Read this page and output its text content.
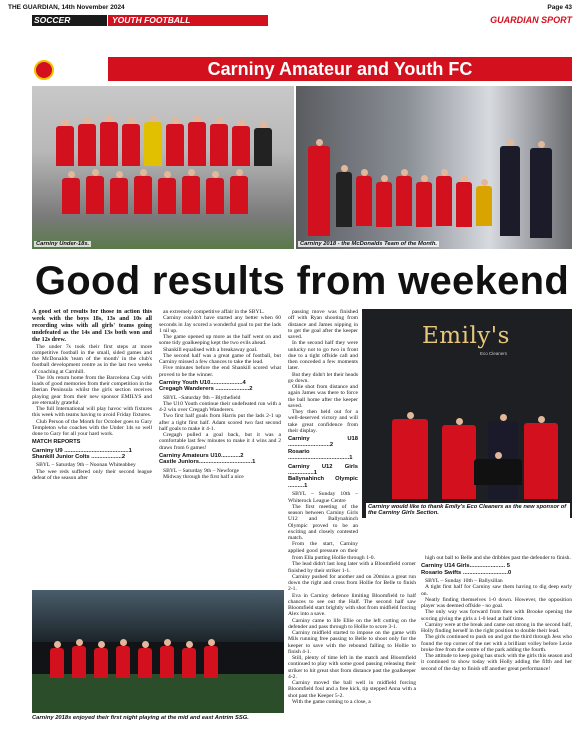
THE GUARDIAN, 14th November 2024	Page 43
SOCCER	YOUTH FOOTBALL	GUARDIAN SPORT
Carniny Amateur and Youth FC
Carniny Under-18s.	Carniny 2018 - the McDonalds Team of the Month.
Good results from weekend

A good set of results for those in action this week with the boys 18s, 13s and 10s all recording wins with all girls' teams going undefeated as the 14s and 13s both won and the 12s drew.

The under 7s took their first steps at more competitive football in the small, sided games and the McDonalds 'team of the month' in the club's football development centre as in the last two weeks of coaching at Carnhill.

The 10s return home from the Barcelona Cup with loads of good memories from their competition in the Iberian Peninsula whilst the girls section receives playing gear from their new sponsor EMILYS and are eternally grateful.

The full International will play havoc with fixtures this week with teams having to avoid Friday fixtures.

Club Person of the Month for October goes to Gary Templeton who coaches with the Under 14s so well done to Gary for all your hard work.

MATCH REPORTS

Carniny U9 ........................................1
Shankill Junior Colts ...................2

SBYL – Saturday 9th – Noonan Whiteabbey

The wee reds suffered only their second league defeat of the season after

an extremely competitive affair in the SBYL.

Carniny couldn't have started any better when 60 seconds in Jay scored a wonderful goal to put the lads 1 nil up.

The game opened up more as the half went on and some tidy goalkeeping kept the two evils ahead.

Shankill equalised with a breakaway goal.

The second half was a great game of football, but Carniny missed a few chances to take the lead.

Five minutes before the end Shankill scored what proved to be the winner.

Carniny Youth U10....................4
Cregagh Wanderers .....................2

SBYL –Saturday 9th – Blythefield

The U10 Youth continue their undefeated run with a 4-2 win over Cregagh Wanderers.

Two first half goals from Harris put the lads 2-1 up after a tight first half. Adam scored two fast second half goals to make it 4-1.

Cregagh pulled a goal back, but it was a comfortable last few minutes to make it 4 wins and 2 draws from 6 games!

Carniny Amateurs U10............2
Castle Juniors.................................1

SBYL – Saturday 9th – Newforge

Midway through the first half a nice

passing move was finished off with Ryan shooting from distance and James nipping in to get the goal after the keeper saved.

In the second half they were unlucky not to go two in front due to a tight offside call and then conceded a few moments later.

But they didn't let their heads go down.

Ollie shot from distance and again James was there to force the ball home after the keeper saved.

They then held out for a well-deserved victory and will take great confidence from their display.

Carniny U18 ..........................2
Rosario ......................................1
Carniny U12 Girls ................1
Ballynahinch Olympic ..........1

SBYL – Sunday 10th – Whiterock League Centre

The first meeting of the season between Carniny Girls U12 and Ballynahinch Olympic proved to be an exciting and closely contested match.

From the start, Carniny applied good pressure on their

Emily's
Eco Cleaners
Carniny would like to thank Emily's Eco Cleaners as the new sponsor of the Carniny Girls Section.

from Ella putting Hollie through 1-0.

The lead didn't last long later with a Bloomfield corner finished by their striker 1-1.

Carniny pushed for another and on 20mins a great run down the right and cross from Hollie for Belle to finish 2-1.

Eva in Carniny defence limiting Bloomfield to half chances to see out the Half. The second half saw Bloomfield start brightly with shot from midfield forcing Alex into a save.

Carniny came to life Ellie on the left cutting on the defender and pass through to Hollie to score 3-1.

Carniny midfield started to impose on the game with Mils running free passing to Belle to shoot only for the keeper to save with the rebound falling to Hollie to finish 4-1.

Still, plenty of time left in the match and Bloomfield continued to play with some good passing releasing their striker to hit great shot from distance past the goalkeeper 4-2.

Carniny moved the ball well in midfield forcing Bloomfield foul and a free kick, tip stepped Anna with a shot past the Keeper 5-2.

With the game coming to a close, a

high out ball to Belle and she dribbles past the defender to finish.

Carniny U14 Girls...................... 5
Rosario Swifts ............................0

SBYL – Sunday 10th – Ballysillan

A tight first half for Carniny saw them having to dig deep early on.

Neatly finding themselves 1-0 down. However, the opposition player was deemed offside - no goal.

The only way was forward from then with Brooke opening the scoring giving the girls a 1-0 lead at half time.

Carniny were at the break and came out strong in the second half, Holly finding herself in the right position to double their lead.

The girls continued to push on and got the third through Jess who found the top corner of the net with a brilliant volley before Lexie broke free from the centre of the park adding the fourth.

The attitude to keep going has stuck with the girls this season and it continued to show today with Holly adding the fifth and her second of the day to finish off another great performance!

Carniny 2018s enjoyed their first night playing at the mid and east Antrim SSG.
